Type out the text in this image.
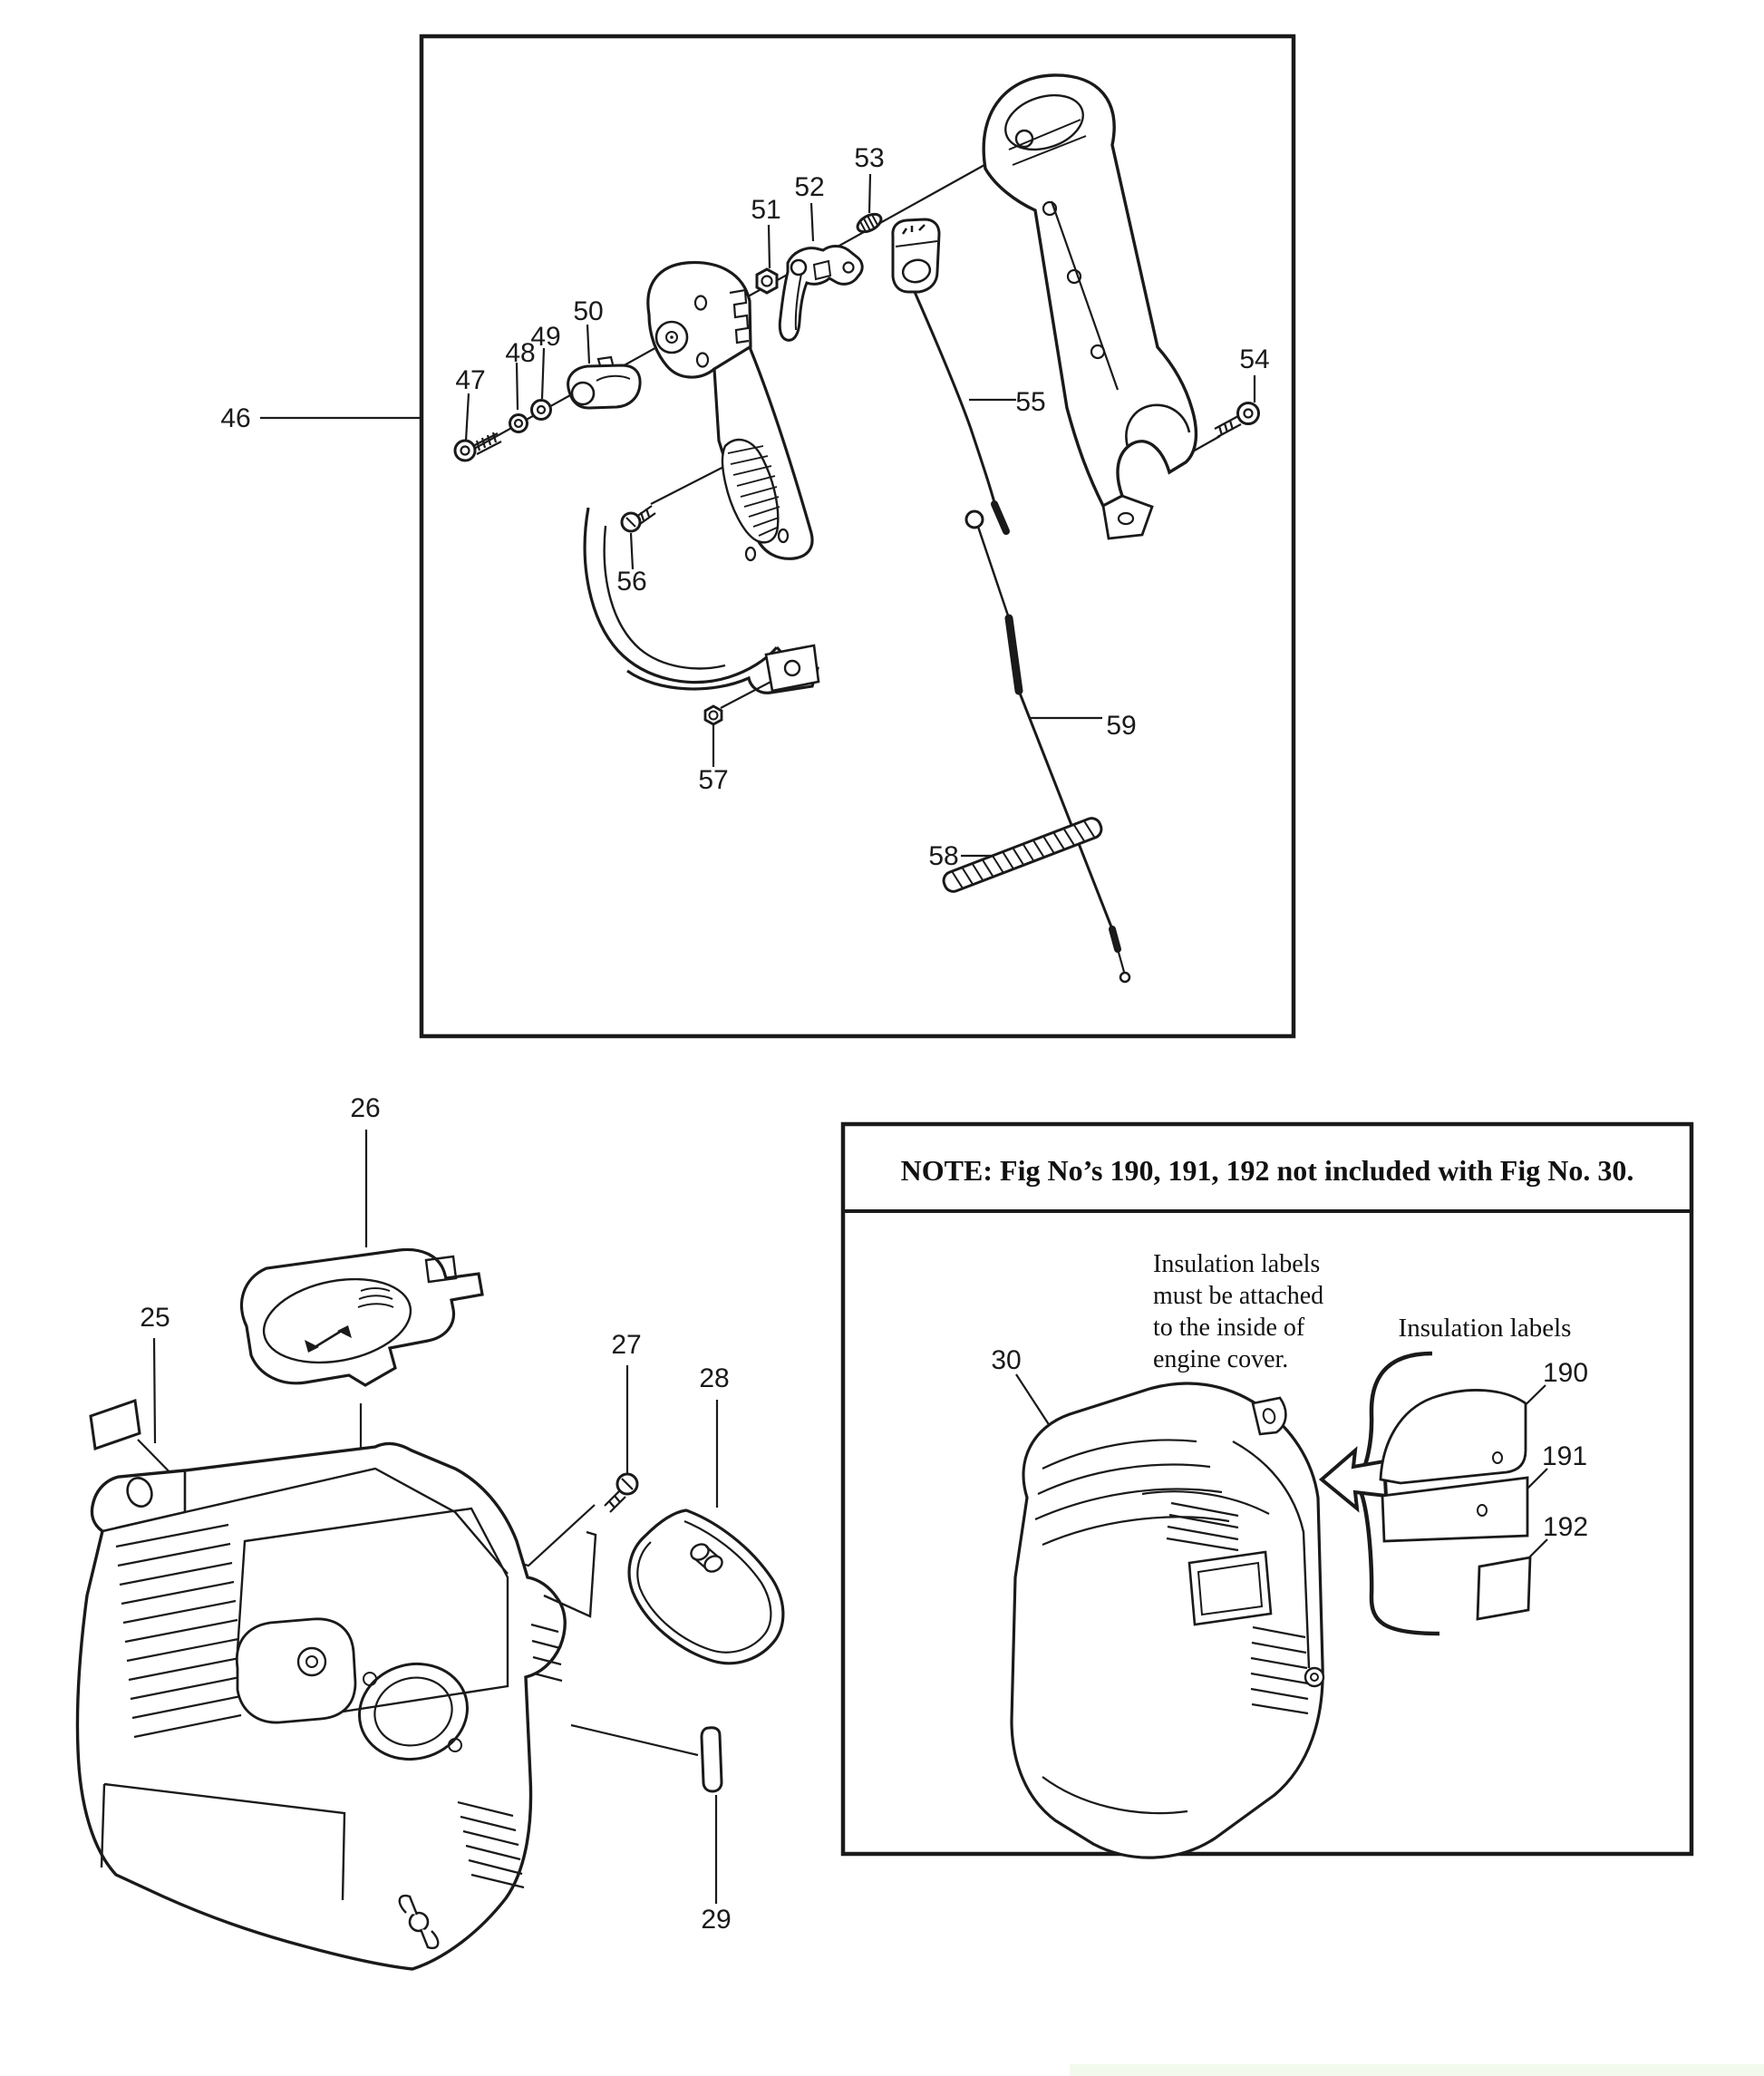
46
47
48
49
50
51
52
53
54
55
56
57
58
59
25
26
27
28
29
NOTE: Fig No’s 190, 191, 192 not included with Fig No. 30.
30
Insulation labels
must be attached
to the inside of
engine cover.
Insulation labels
190
191
192
